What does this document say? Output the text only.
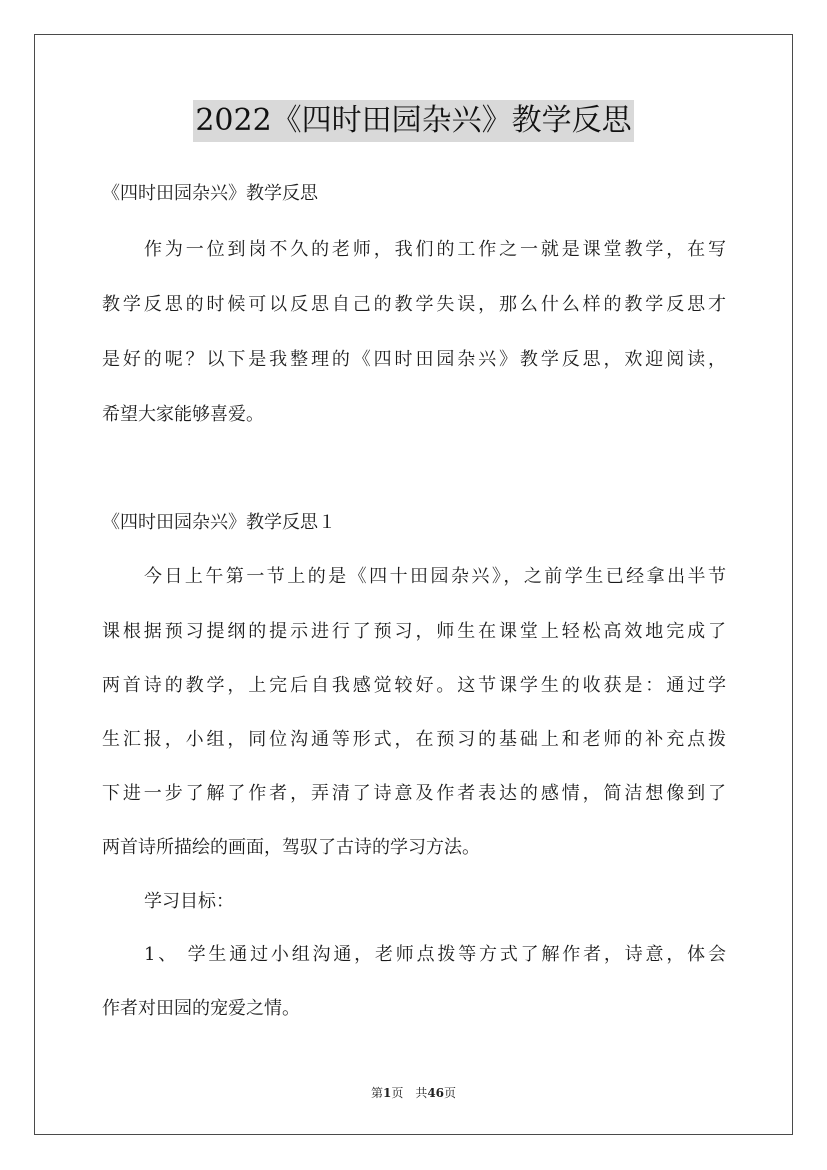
2022《四时田园杂兴》教学反思
《四时田园杂兴》教学反思
作为一位到岗不久的老师，我们的工作之一就是课堂教学，在写
教学反思的时候可以反思自己的教学失误，那么什么样的教学反思才
是好的呢？以下是我整理的《四时田园杂兴》教学反思，欢迎阅读，
希望大家能够喜爱。
《四时田园杂兴》教学反思１
今日上午第一节上的是《四十田园杂兴》，之前学生已经拿出半节
课根据预习提纲的提示进行了预习，师生在课堂上轻松高效地完成了
两首诗的教学，上完后自我感觉较好。这节课学生的收获是：通过学
生汇报，小组，同位沟通等形式，在预习的基础上和老师的补充点拨
下进一步了解了作者，弄清了诗意及作者表达的感情，简洁想像到了
两首诗所描绘的画面，驾驭了古诗的学习方法。
学习目标：
1、 学生通过小组沟通，老师点拨等方式了解作者，诗意，体会
作者对田园的宠爱之情。
第1页　共46页
